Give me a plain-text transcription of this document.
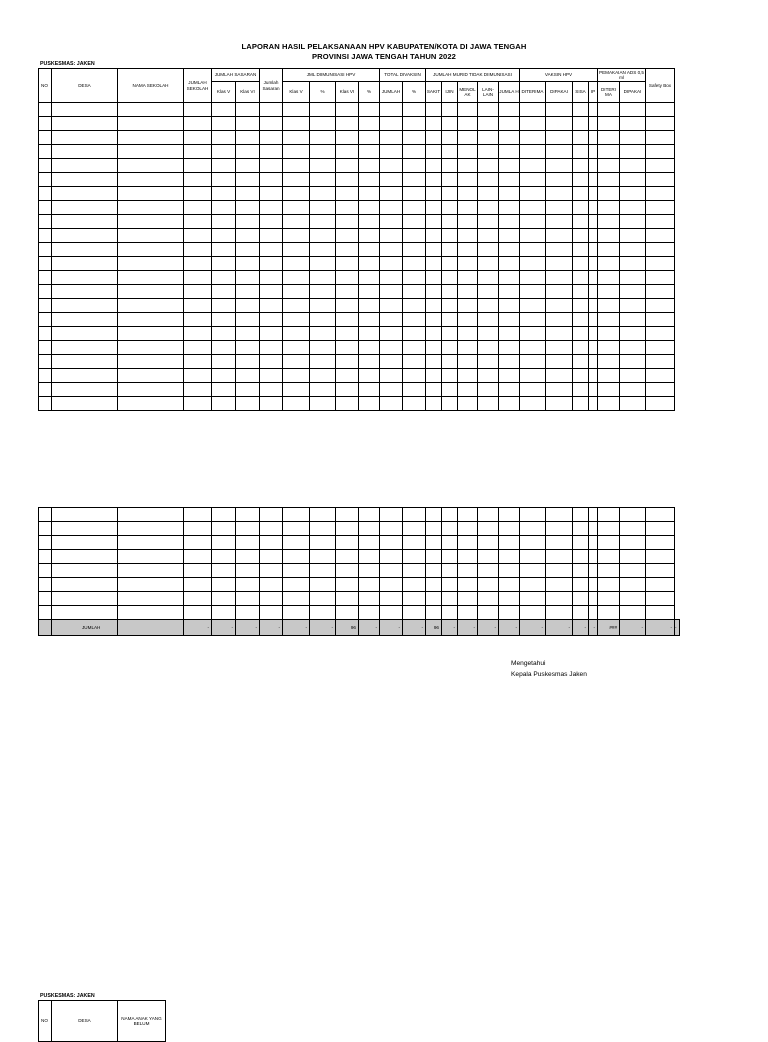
LAPORAN HASIL PELAKSANAAN HPV KABUPATEN/KOTA DI JAWA TENGAH
PROVINSI JAWA TENGAH TAHUN 2022
PUSKESMAS: JAKEN
NO	DESA	NAMA SEKOLAH	JUMLAH SEKOLAH	JUMLAH SASARAN		Jumlah Sasaran	JML DIIMUNISASI HPV				TOTAL DIVAKSIN		JUMLAH MURID TIDAK DIIMUNISASI					VAKSIN HPV				PEMAKAIAN ADS 0,5 ml		Safety Box
				Klas V	Klas VI		Klas V	%	Klas VI	%	JUMLAH	%	SAKIT	IJIN	MENOL AK	LAIN-LAIN	JUMLA H	DITERIMA	DIPAKAI	SISA	IP	DITERI MA	DIPAKAI	

	JUMLAH		-	-	-	-	-	-	96	-	-	-	96	-	-	-	-	-	-	-	-	###	-	-	-
Mengetahui
Kepala Puskesmas Jaken
PUSKESMAS: JAKEN
NO	DESA	NAMA ANAK YANG BELUM
